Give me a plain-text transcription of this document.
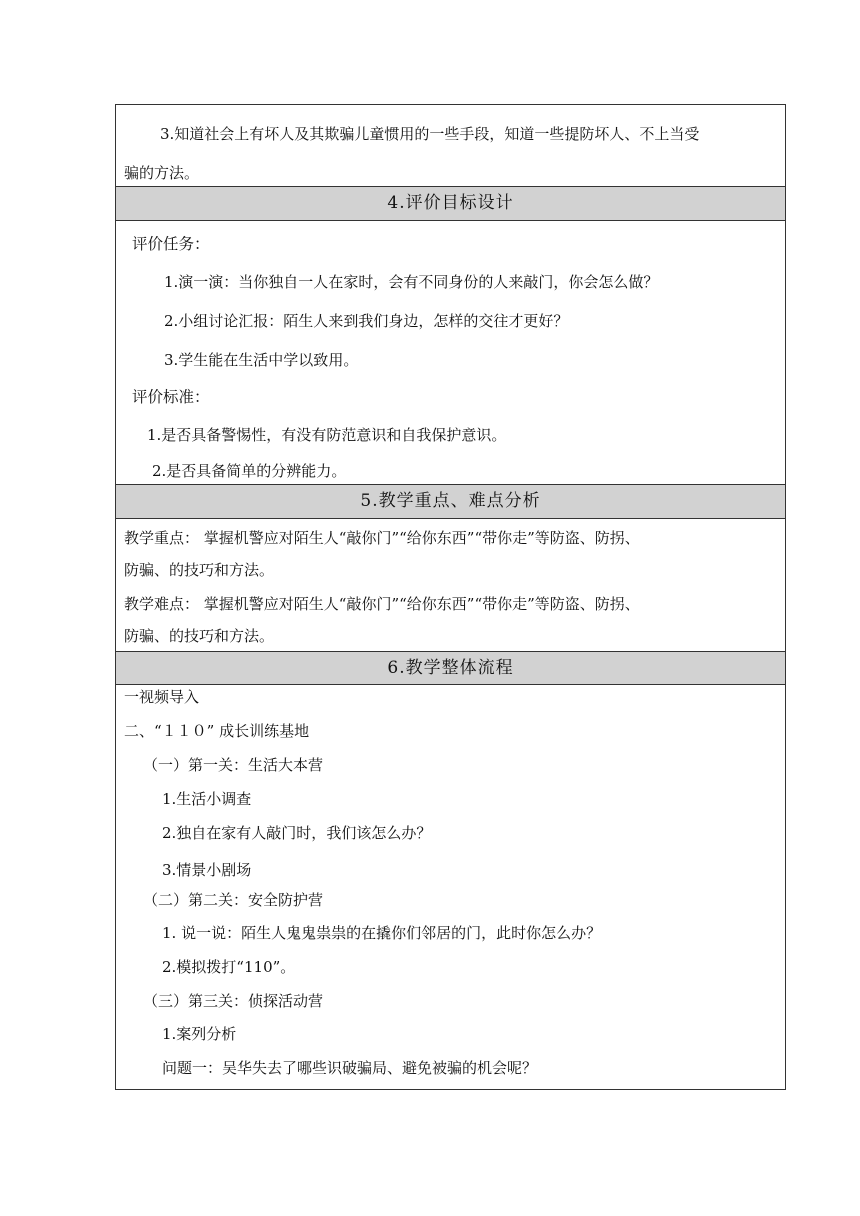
3.知道社会上有坏人及其欺骗儿童惯用的一些手段，知道一些提防坏人、不上当受
骗的方法。
4.评价目标设计
评价任务：
1.演一演：当你独自一人在家时，会有不同身份的人来敲门，你会怎么做？
2.小组讨论汇报：陌生人来到我们身边，怎样的交往才更好？
3.学生能在生活中学以致用。
评价标准：
1.是否具备警惕性，有没有防范意识和自我保护意识。
2.是否具备简单的分辨能力。
5.教学重点、难点分析
教学重点： 掌握机警应对陌生人“敲你门”“给你东西”“带你走”等防盗、防拐、
防骗、的技巧和方法。
教学难点： 掌握机警应对陌生人“敲你门”“给你东西”“带你走”等防盗、防拐、
防骗、的技巧和方法。
6.教学整体流程
一视频导入
二、“１１０” 成长训练基地
（一）第一关：生活大本营
1.生活小调查
2.独自在家有人敲门时，我们该怎么办？
3.情景小剧场
（二）第二关：安全防护营
1. 说一说：陌生人鬼鬼祟祟的在撬你们邻居的门，此时你怎么办？
2.模拟拨打“110”。
（三）第三关：侦探活动营
1.案列分析
问题一：吴华失去了哪些识破骗局、避免被骗的机会呢？
